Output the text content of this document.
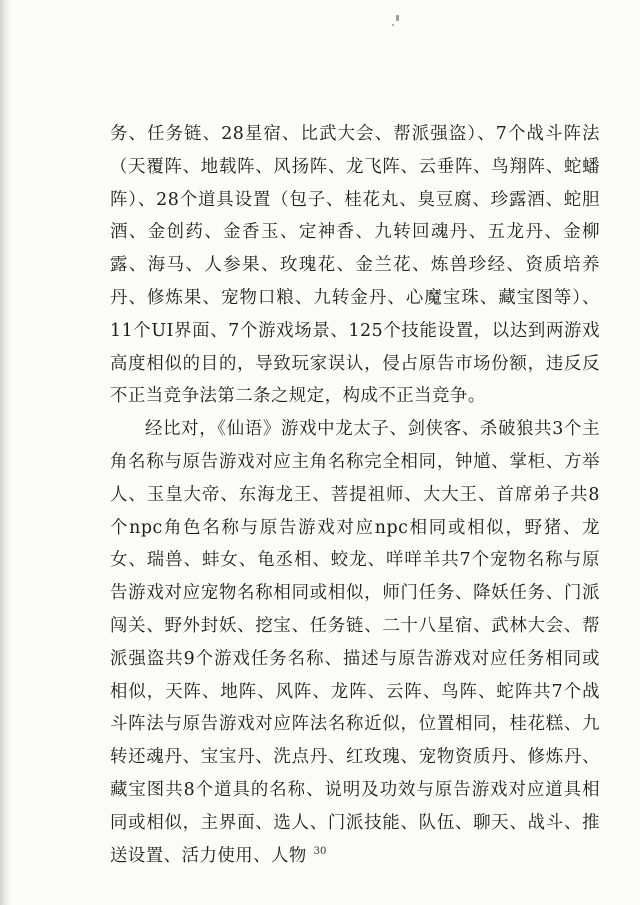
务、任务链、28星宿、比武大会、帮派强盗）、7个战斗阵法（天覆阵、地载阵、风扬阵、龙飞阵、云垂阵、鸟翔阵、蛇蟠阵）、28个道具设置（包子、桂花丸、臭豆腐、珍露酒、蛇胆酒、金创药、金香玉、定神香、九转回魂丹、五龙丹、金柳露、海马、人参果、玫瑰花、金兰花、炼兽珍经、资质培养丹、修炼果、宠物口粮、九转金丹、心魔宝珠、藏宝图等）、11个UI界面、7个游戏场景、125个技能设置，以达到两游戏高度相似的目的，导致玩家误认，侵占原告市场份额，违反反不正当竞争法第二条之规定，构成不正当竞争。

经比对，《仙语》游戏中龙太子、剑侠客、杀破狼共3个主角名称与原告游戏对应主角名称完全相同，钟馗、掌柜、方举人、玉皇大帝、东海龙王、菩提祖师、大大王、首席弟子共8个npc角色名称与原告游戏对应npc相同或相似，野猪、龙女、瑞兽、蚌女、龟丞相、蛟龙、咩咩羊共7个宠物名称与原告游戏对应宠物名称相同或相似，师门任务、降妖任务、门派闯关、野外封妖、挖宝、任务链、二十八星宿、武林大会、帮派强盗共9个游戏任务名称、描述与原告游戏对应任务相同或相似，天阵、地阵、风阵、龙阵、云阵、鸟阵、蛇阵共7个战斗阵法与原告游戏对应阵法名称近似，位置相同，桂花糕、九转还魂丹、宝宝丹、洗点丹、红玫瑰、宠物资质丹、修炼丹、藏宝图共8个道具的名称、说明及功效与原告游戏对应道具相同或相似，主界面、选人、门派技能、队伍、聊天、战斗、推送设置、活力使用、人物 30
